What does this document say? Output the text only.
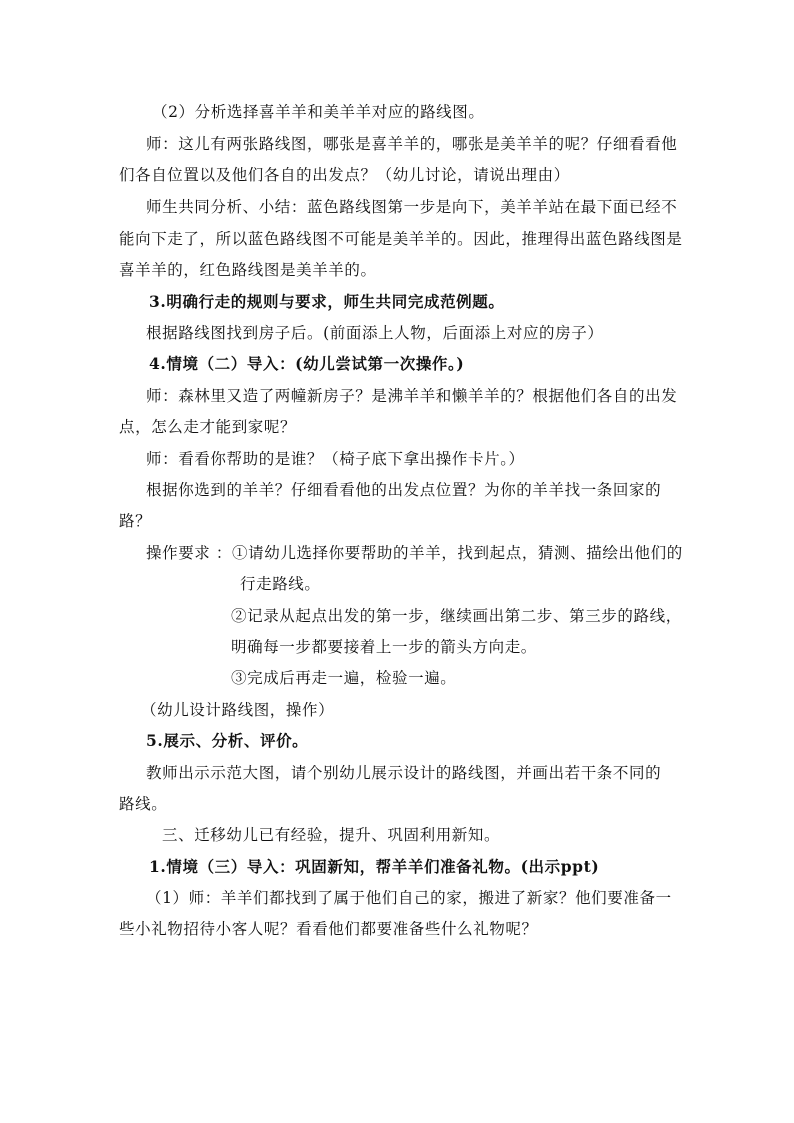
（2）分析选择喜羊羊和美羊羊对应的路线图。
师：这儿有两张路线图，哪张是喜羊羊的，哪张是美羊羊的呢？仔细看看他
们各自位置以及他们各自的出发点？（幼儿讨论，请说出理由）
师生共同分析、小结：蓝色路线图第一步是向下，美羊羊站在最下面已经不
能向下走了，所以蓝色路线图不可能是美羊羊的。因此，推理得出蓝色路线图是
喜羊羊的，红色路线图是美羊羊的。
3.明确行走的规则与要求，师生共同完成范例题。
根据路线图找到房子后。(前面添上人物，后面添上对应的房子）
4.情境（二）导入：(幼儿尝试第一次操作。)
师：森林里又造了两幢新房子？是沸羊羊和懒羊羊的？根据他们各自的出发
点，怎么走才能到家呢？
师：看看你帮助的是谁？（椅子底下拿出操作卡片。）
根据你选到的羊羊？仔细看看他的出发点位置？为你的羊羊找一条回家的
路？
操作要求 ：①请幼儿选择你要帮助的羊羊，找到起点，猜测、描绘出他们的
行走路线。
②记录从起点出发的第一步，继续画出第二步、第三步的路线，
明确每一步都要接着上一步的箭头方向走。
③完成后再走一遍，检验一遍。
（幼儿设计路线图，操作）
5.展示、分析、评价。
教师出示示范大图，请个别幼儿展示设计的路线图，并画出若干条不同的
路线。
三、迁移幼儿已有经验，提升、巩固利用新知。
1.情境（三）导入：巩固新知，帮羊羊们准备礼物。(出示ppt)
（1）师：羊羊们都找到了属于他们自己的家，搬进了新家？他们要准备一
些小礼物招待小客人呢？看看他们都要准备些什么礼物呢？
